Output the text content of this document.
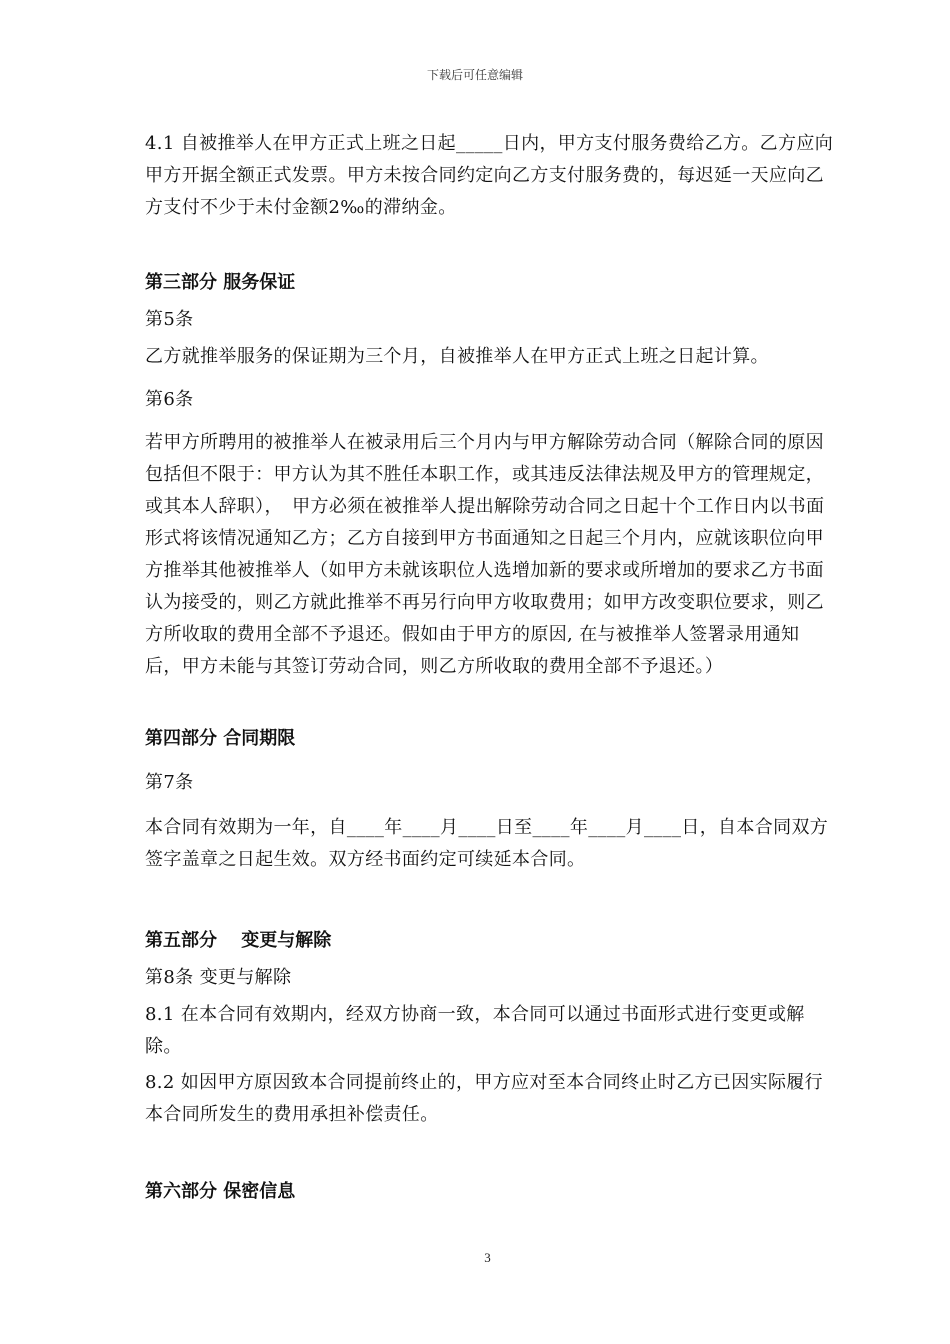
下载后可任意编辑
4.1 自被推举人在甲方正式上班之日起_____日内，甲方支付服务费给乙方。乙方应向甲方开据全额正式发票。甲方未按合同约定向乙方支付服务费的，每迟延一天应向乙方支付不少于未付金额2‰的滞纳金。
第三部分 服务保证
第5条
乙方就推举服务的保证期为三个月，自被推举人在甲方正式上班之日起计算。
第6条
若甲方所聘用的被推举人在被录用后三个月内与甲方解除劳动合同（解除合同的原因包括但不限于：甲方认为其不胜任本职工作，或其违反法律法规及甲方的管理规定，或其本人辞职），　甲方必须在被推举人提出解除劳动合同之日起十个工作日内以书面形式将该情况通知乙方；乙方自接到甲方书面通知之日起三个月内，应就该职位向甲方推举其他被推举人（如甲方未就该职位人选增加新的要求或所增加的要求乙方书面认为接受的，则乙方就此推举不再另行向甲方收取费用；如甲方改变职位要求，则乙方所收取的费用全部不予退还。假如由于甲方的原因, 在与被推举人签署录用通知后，甲方未能与其签订劳动合同，则乙方所收取的费用全部不予退还。）
第四部分 合同期限
第7条
本合同有效期为一年，自____年____月____日至____年____月____日，自本合同双方签字盖章之日起生效。双方经书面约定可续延本合同。
第五部分　 变更与解除
第8条 变更与解除
8.1 在本合同有效期内，经双方协商一致，本合同可以通过书面形式进行变更或解除。
8.2 如因甲方原因致本合同提前终止的，甲方应对至本合同终止时乙方已因实际履行本合同所发生的费用承担补偿责任。
第六部分 保密信息
3
